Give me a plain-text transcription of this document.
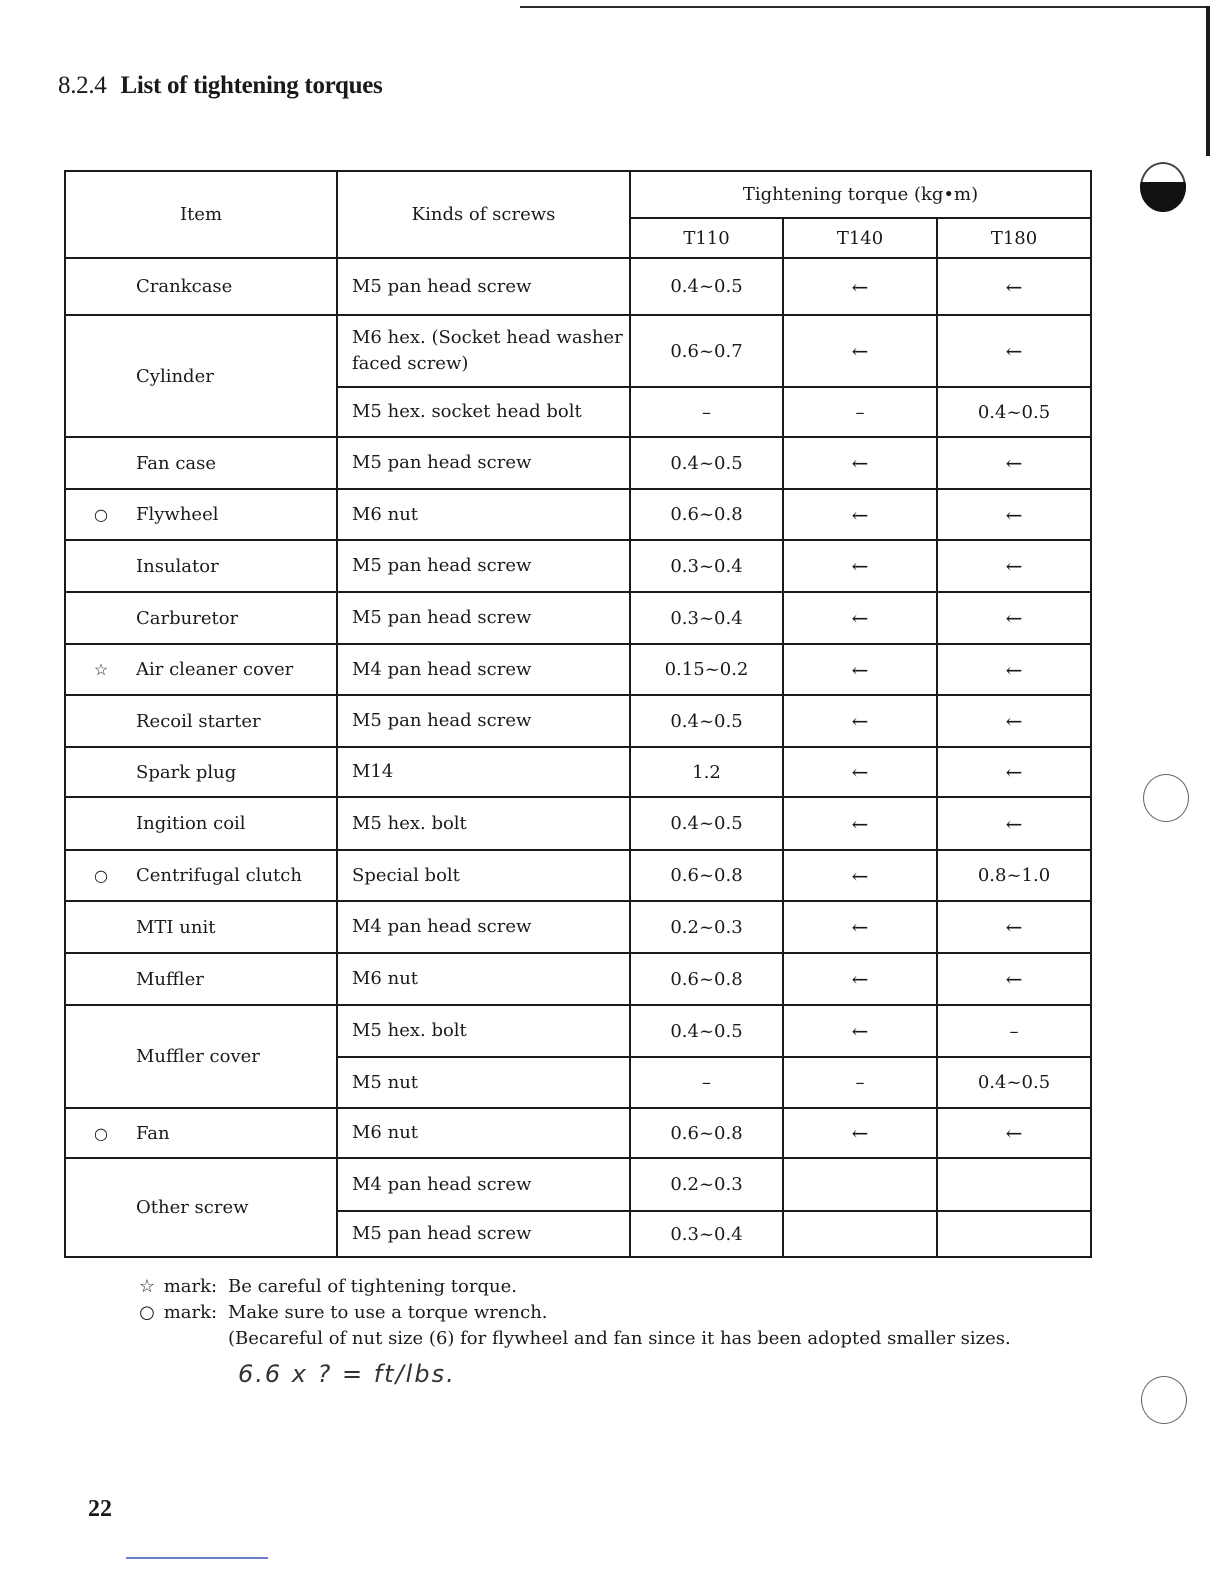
8.2.4 List of tightening torques
Item	Kinds of screws	Tightening torque (kg•m)		
		T110	T140	T180

Crankcase	M5 pan head screw	0.4~0.5	←	←

Cylinder	M6 hex. (Socket head washer faced screw)	0.6~0.7	←	←
	M5 hex. socket head bolt	–	–	0.4~0.5

Fan case	M5 pan head screw	0.4~0.5	←	←

○ Flywheel	M6 nut	0.6~0.8	←	←

Insulator	M5 pan head screw	0.3~0.4	←	←

Carburetor	M5 pan head screw	0.3~0.4	←	←

☆ Air cleaner cover	M4 pan head screw	0.15~0.2	←	←

Recoil starter	M5 pan head screw	0.4~0.5	←	←

Spark plug	M14	1.2	←	←

Ingition coil	M5 hex. bolt	0.4~0.5	←	←

○ Centrifugal clutch	Special bolt	0.6~0.8	←	0.8~1.0

MTI unit	M4 pan head screw	0.2~0.3	←	←

Muffler	M6 nut	0.6~0.8	←	←

Muffler cover	M5 hex. bolt	0.4~0.5	←	–
	M5 nut	–	–	0.4~0.5

○ Fan	M6 nut	0.6~0.8	←	←

Other screw	M4 pan head screw	0.2~0.3		
	M5 pan head screw	0.3~0.4		
☆ mark: Be careful of tightening torque.
○ mark: Make sure to use a torque wrench.
(Becareful of nut size (6) for flywheel and fan since it has been adopted smaller sizes.
6.6 x ? = ft/lbs.
22
